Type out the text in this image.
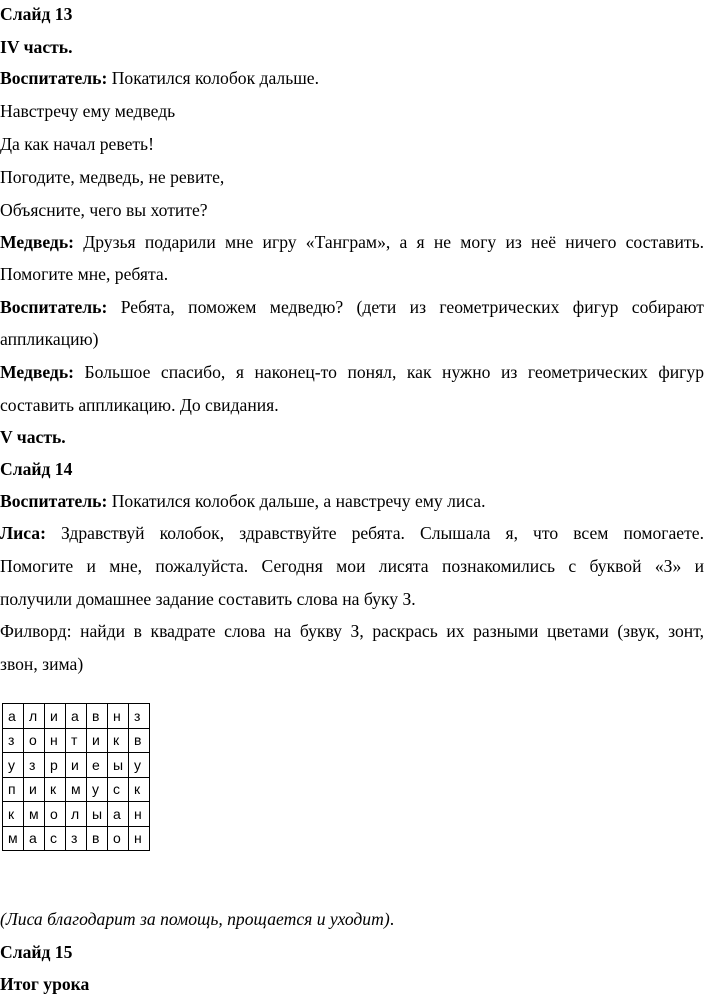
Слайд 13
IV часть.
Воспитатель: Покатился колобок дальше.
Навстречу ему медведь
Да как начал реветь!
Погодите, медведь, не ревите,
Объясните, чего вы хотите?
Медведь: Друзья подарили мне игру «Танграм», а я не могу из неё ничего составить.
Помогите мне, ребята.
Воспитатель: Ребята, поможем медведю? (дети из геометрических фигур собирают
аппликацию)
Медведь: Большое спасибо, я наконец-то понял, как нужно из геометрических фигур
составить аппликацию. До свидания.
V часть.
Слайд 14
Воспитатель: Покатился колобок дальше, а навстречу ему лиса.
Лиса: Здравствуй колобок, здравствуйте ребята. Слышала я, что всем помогаете.
Помогите и мне, пожалуйста. Сегодня мои лисята познакомились с буквой «З» и
получили домашнее задание составить слова на буку З.
Филворд: найди в квадрате слова на букву З, раскрась их разными цветами (звук, зонт,
звон, зима)
а	л	и	а	в	н	з
з	о	н	т	и	к	в
у	з	р	и	е	ы	у
п	и	к	м	у	с	к
к	м	о	л	ы	а	н
м	а	с	з	в	о	н
(Лиса благодарит за помощь, прощается и уходит).
Слайд 15
Итог урока
